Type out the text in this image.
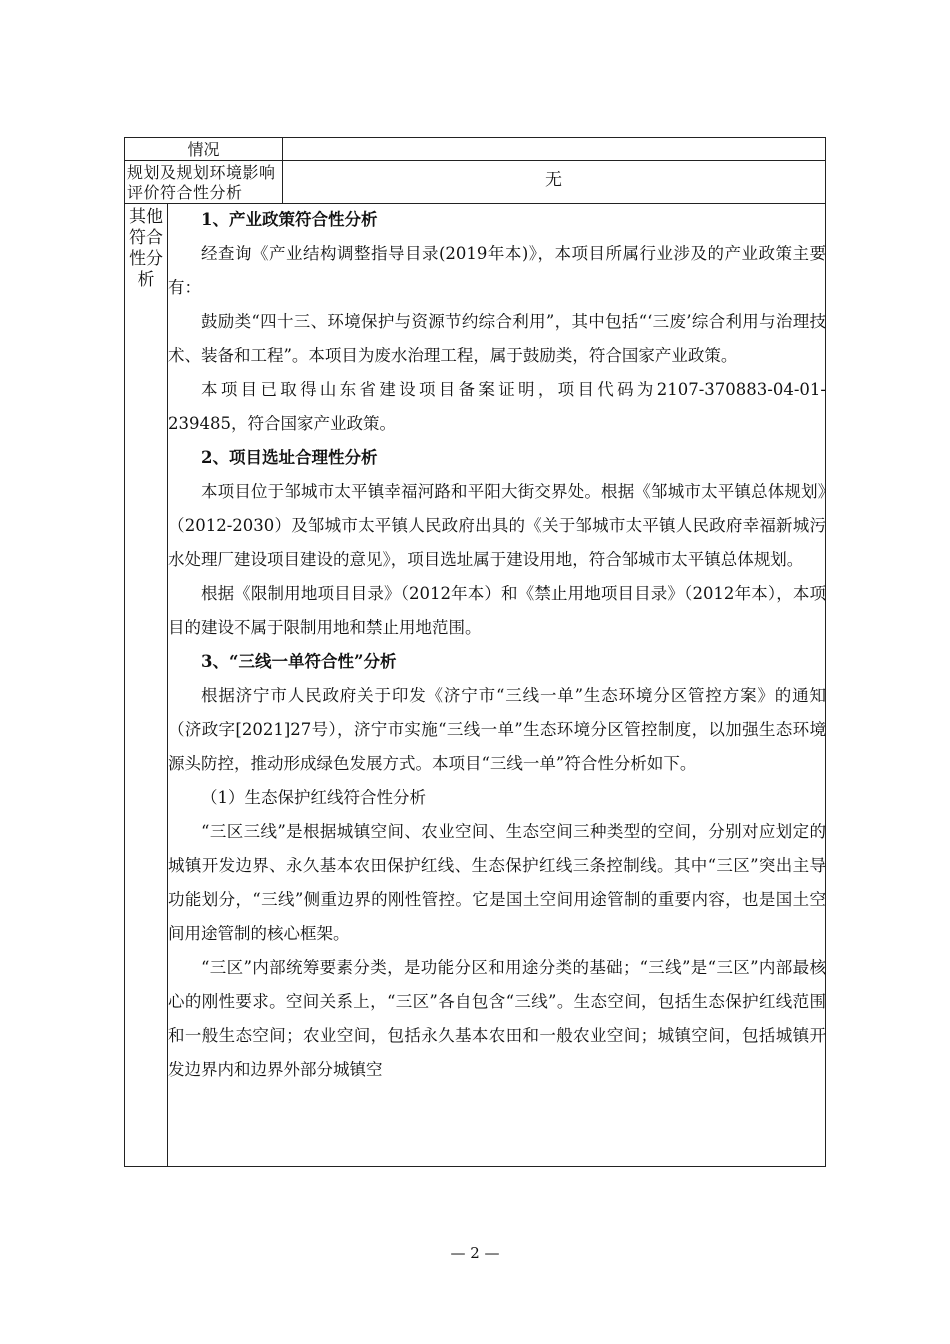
情况
规划及规划环境影响评价符合性分析
无
其他符合性分析

1、产业政策符合性分析

经查询《产业结构调整指导目录(2019年本)》，本项目所属行业涉及的产业政策主要有：

鼓励类“四十三、环境保护与资源节约综合利用”，其中包括“‘三废’综合利用与治理技术、装备和工程”。本项目为废水治理工程，属于鼓励类，符合国家产业政策。

本项目已取得山东省建设项目备案证明，项目代码为2107-370883-04-01-239485，符合国家产业政策。

2、项目选址合理性分析

本项目位于邹城市太平镇幸福河路和平阳大街交界处。根据《邹城市太平镇总体规划》（2012-2030）及邹城市太平镇人民政府出具的《关于邹城市太平镇人民政府幸福新城污水处理厂建设项目建设的意见》，项目选址属于建设用地，符合邹城市太平镇总体规划。

根据《限制用地项目目录》（2012年本）和《禁止用地项目目录》（2012年本），本项目的建设不属于限制用地和禁止用地范围。

3、“三线一单符合性”分析

根据济宁市人民政府关于印发《济宁市“三线一单”生态环境分区管控方案》的通知（济政字[2021]27号），济宁市实施“三线一单”生态环境分区管控制度，以加强生态环境源头防控，推动形成绿色发展方式。本项目“三线一单”符合性分析如下。

（1）生态保护红线符合性分析

“三区三线”是根据城镇空间、农业空间、生态空间三种类型的空间，分别对应划定的城镇开发边界、永久基本农田保护红线、生态保护红线三条控制线。其中“三区”突出主导功能划分，“三线”侧重边界的刚性管控。它是国土空间用途管制的重要内容，也是国土空间用途管制的核心框架。

“三区”内部统筹要素分类，是功能分区和用途分类的基础；“三线”是“三区”内部最核心的刚性要求。空间关系上，“三区”各自包含“三线”。生态空间，包括生态保护红线范围和一般生态空间；农业空间，包括永久基本农田和一般农业空间；城镇空间，包括城镇开发边界内和边界外部分城镇空

— 2 —
